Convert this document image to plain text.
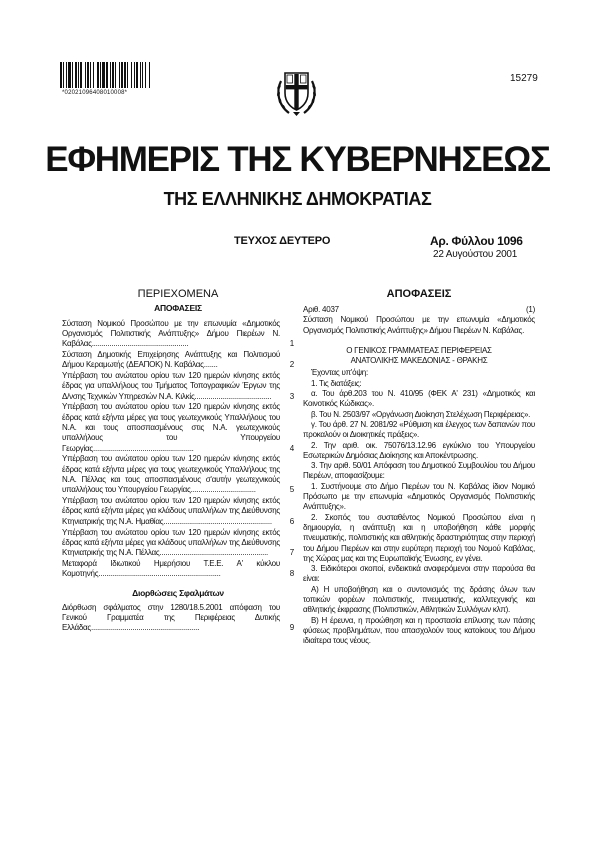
*02021096408010008*
15279
ΕΦΗΜΕΡΙΣ ΤΗΣ ΚΥΒΕΡΝΗΣΕΩΣ
ΤΗΣ ΕΛΛΗΝΙΚΗΣ ΔΗΜΟΚΡΑΤΙΑΣ
ΤΕΥΧΟΣ ΔΕΥΤΕΡΟ	Αρ. Φύλλου 1096
22 Αυγούστου 2001
ΠΕΡΙΕΧΟΜΕΝΑ
ΑΠΟΦΑΣΕΙΣ
Σύσταση Νομικού Προσώπου με την επωνυμία «Δημοτικός Οργανισμός Πολιτιστικής Ανάπτυξης» Δήμου Πιερέων Ν. Καβάλας.................................................	1
Σύσταση Δημοτικής Επιχείρησης Ανάπτυξης και Πολιτισμού Δήμου Κεραμωτής (ΔΕΑΠΟΚ) Ν. Καβάλας.......	2
Υπέρβαση του ανώτατου ορίου των 120 ημερών κίνησης εκτός έδρας για υπαλλήλους του Τμήματος Τοπογραφικών Έργων της Δ/νσης Τεχνικών Υπηρεσιών Ν.Α. Κιλκίς....................................... 3
Υπέρβαση του ανώτατου ορίου των 120 ημερών κίνησης εκτός έδρας κατά εξήντα μέρες για τους γεωτεχνικούς Υπαλλήλους του Ν.Α. και τους αποσπασμένους στις Ν.Α. γεωτεχνικούς υπαλλήλους του Υπουργείου Γεωργίας...................................................	4
Υπέρβαση του ανώτατου ορίου των 120 ημερών κίνησης εκτός έδρας κατά εξήντα μέρες για τους γεωτεχνικούς Υπαλλήλους της Ν.Α. Πέλλας και τους αποσπασμένους σ'αυτήν γεωτεχνικούς υπαλλήλους του Υπουργείου Γεωργίας.................................	5
Υπέρβαση του ανώτατου ορίου των 120 ημερών κίνησης εκτός έδρας κατά εξήντα μέρες για κλάδους υπαλλήλων της Διεύθυνσης Κτηνιατρικής της Ν.Α. Ημαθίας....................................................... 6
Υπέρβαση του ανώτατου ορίου των 120 ημερών κίνησης εκτός έδρας κατά εξήντα μέρες για κλάδους υπαλλήλων της Διεύθυνσης Κτηνιατρικής της Ν.Α. Πέλλας.......................................................	7
Μεταφορά Ιδιωτικού Ημερήσιου Τ.Ε.Ε. Α' κύκλου Κομοτηνής..............................................................	8
Διορθώσεις Σφαλμάτων
Διόρθωση σφάλματος στην 1280/18.5.2001 απόφαση του Γενικού Γραμματέα της Περιφέρειας Δυτικής Ελλάδας.......................................................	9
ΑΠΟΦΑΣΕΙΣ
Αριθ. 4037	(1)
Σύσταση Νομικού Προσώπου με την επωνυμία «Δημοτικός Οργανισμός Πολιτιστικής Ανάπτυξης» Δήμου Πιερέων Ν. Καβάλας.
Ο ΓΕΝΙΚΟΣ ΓΡΑΜΜΑΤΕΑΣ ΠΕΡΙΦΕΡΕΙΑΣ
ΑΝΑΤΟΛΙΚΗΣ ΜΑΚΕΔΟΝΙΑΣ - ΘΡΑΚΗΣ

Έχοντας υπ'όψη:

1. Τις διατάξεις:

α. Του άρθ.203 του Ν. 410/95 (ΦΕΚ Α' 231) «Δημοτικός και Κοινοτικός Κώδικας».

β. Του Ν. 2503/97 «Οργάνωση Διοίκηση Στελέχωση Περιφέρειας».

γ. Του άρθ. 27 Ν. 2081/92 «Ρύθμιση και έλεγχος των δαπανών που προκαλούν οι Διοικητικές πράξεις».

2. Την αριθ. οικ. 75076/13.12.96 εγκύκλιο του Υπουργείου Εσωτερικών Δημόσιας Διοίκησης και Αποκέντρωσης.

3. Την αριθ. 50/01 Απόφαση του Δημοτικού Συμβουλίου του Δήμου Πιερέων, αποφασίζουμε:

1. Συστήνουμε στο Δήμο Πιερέων του Ν. Καβάλας ίδιον Νομικό Πρόσωπο με την επωνυμία «Δημοτικός Οργανισμός Πολιτιστικής Ανάπτυξης».

2. Σκοπός του συσταθέντος Νομικού Προσώπου είναι η δημιουργία, η ανάπτυξη και η υποβοήθηση κάθε μορφής πνευματικής, πολιτιστικής και αθλητικής δραστηριότητας στην περιοχή του Δήμου Πιερέων και στην ευρύτερη περιοχή του Νομού Καβάλας, της Χώρας μας και της Ευρωπαϊκής Ένωσης, εν γένει.

3. Ειδικότεροι σκοποί, ενδεικτικά αναφερόμενοι στην παρούσα θα είναι:

Α) Η υποβοήθηση και ο συντονισμός της δράσης όλων των τοπικών φορέων πολιτιστικής, πνευματικής, καλλιτεχνικής και αθλητικής έκφρασης (Πολιτιστικών, Αθλητικών Συλλόγων κλπ).

Β) Η έρευνα, η προώθηση και η προστασία επίλυσης των πάσης φύσεως προβλημάτων, που απασχολούν τους κατοίκους του Δήμου ιδιαίτερα τους νέους.
